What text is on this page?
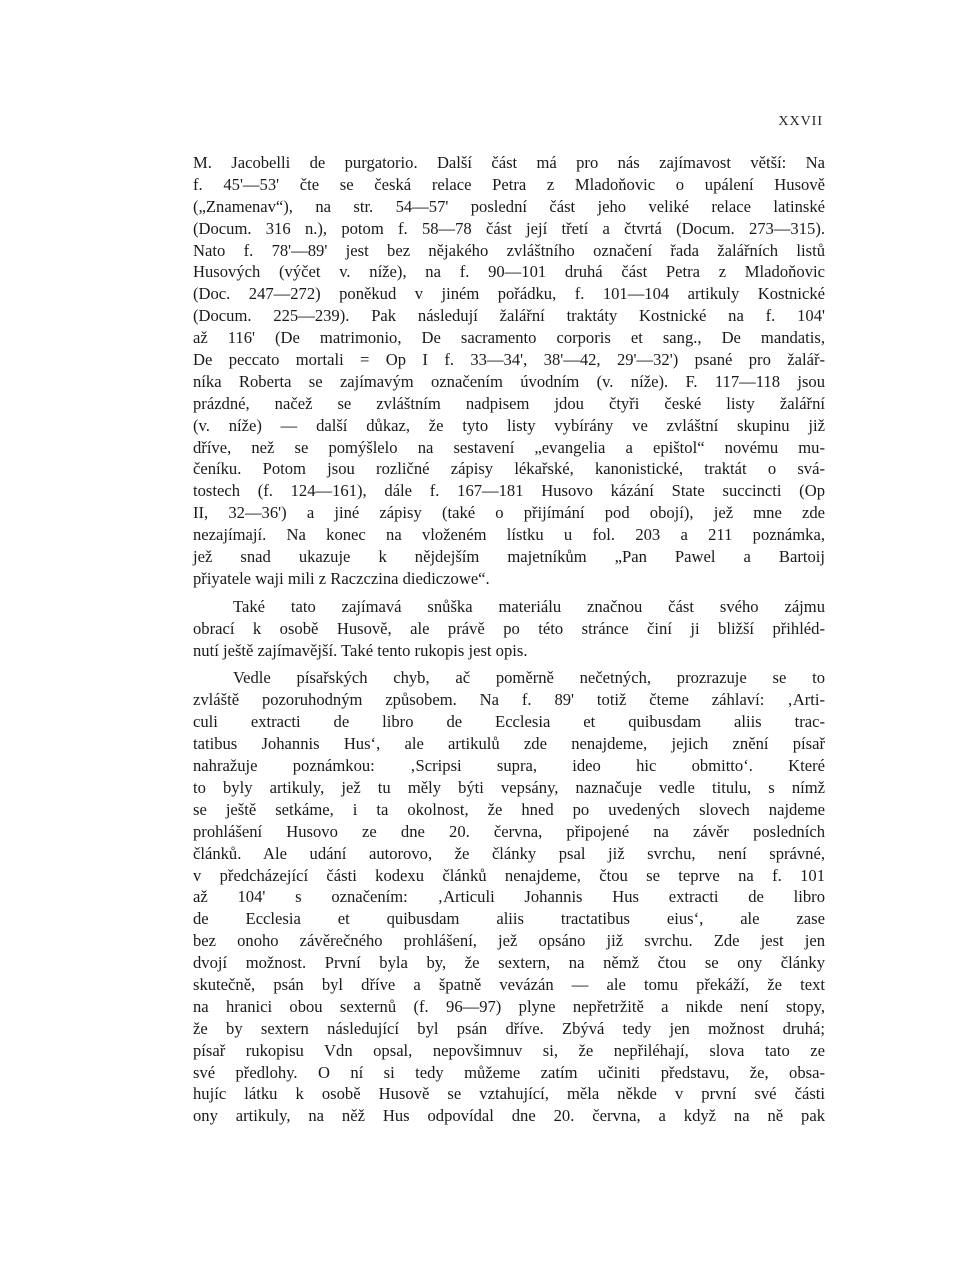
XXVII
M. Jacobelli de purgatorio. Další část má pro nás zajímavost větší: Na
f. 45'—53' čte se česká relace Petra z Mladoňovic o upálení Husově
(„Znamenav“), na str. 54—57' poslední část jeho veliké relace latinské
(Docum. 316 n.), potom f. 58—78 část její třetí a čtvrtá (Docum. 273—315).
Nato f. 78'—89' jest bez nějakého zvláštního označení řada žalářních listů
Husových (výčet v. níže), na f. 90—101 druhá část Petra z Mladoňovic
(Doc. 247—272) poněkud v jiném pořádku, f. 101—104 artikuly Kostnické
(Docum. 225—239). Pak následují žalářní traktáty Kostnické na f. 104'
až 116' (De matrimonio, De sacramento corporis et sang., De mandatis,
De peccato mortali = Op I f. 33—34', 38'—42, 29'—32') psané pro žalář-
níka Roberta se zajímavým označením úvodním (v. níže). F. 117—118 jsou
prázdné, načež se zvláštním nadpisem jdou čtyři české listy žalářní
(v. níže) — další důkaz, že tyto listy vybírány ve zvláštní skupinu již
dříve, než se pomýšlelo na sestavení „evangelia a epištol“ novému mu-
čeníku. Potom jsou rozličné zápisy lékařské, kanonistické, traktát o svá-
tostech (f. 124—161), dále f. 167—181 Husovo kázání State succincti (Op
II, 32—36') a jiné zápisy (také o přijímání pod obojí), jež mne zde
nezajímají. Na konec na vloženém lístku u fol. 203 a 211 poznámka,
jež snad ukazuje k nějdejším majetníkům „Pan Pawel a Bartoij
přiyatele waji mili z Raczczina diediczowe“.
Také tato zajímavá snůška materiálu značnou část svého zájmu
obrací k osobě Husově, ale právě po této stránce činí ji bližší přihléd-
nutí ještě zajímavější. Také tento rukopis jest opis.
Vedle písařských chyb, ač poměrně nečetných, prozrazuje se to
zvláště pozoruhodným způsobem. Na f. 89' totiž čteme záhlaví: ‚Arti-
culi extracti de libro de Ecclesia et quibusdam aliis trac-
tatibus Johannis Hus‘, ale artikulů zde nenajdeme, jejich znění písař
nahražuje poznámkou: ‚Scripsi supra, ideo hic obmitto‘. Které
to byly artikuly, jež tu měly býti vepsány, naznačuje vedle titulu, s nímž
se ještě setkáme, i ta okolnost, že hned po uvedených slovech najdeme
prohlášení Husovo ze dne 20. června, připojené na závěr posledních
článků. Ale udání autorovo, že články psal již svrchu, není správné,
v předcházející části kodexu článků nenajdeme, čtou se teprve na f. 101
až 104' s označením: ‚Articuli Johannis Hus extracti de libro
de Ecclesia et quibusdam aliis tractatibus eius‘, ale zase
bez onoho závěrečného prohlášení, jež opsáno již svrchu. Zde jest jen
dvojí možnost. První byla by, že sextern, na němž čtou se ony články
skutečně, psán byl dříve a špatně vevázán — ale tomu překáží, že text
na hranici obou sexternů (f. 96—97) plyne nepřetržitě a nikde není stopy,
že by sextern následující byl psán dříve. Zbývá tedy jen možnost druhá;
písař rukopisu Vdn opsal, nepovšimnuv si, že nepřiléhají, slova tato ze
své předlohy. O ní si tedy můžeme zatím učiniti představu, že, obsa-
hujíc látku k osobě Husově se vztahující, měla někde v první své části
ony artikuly, na něž Hus odpovídal dne 20. června, a když na ně pak
